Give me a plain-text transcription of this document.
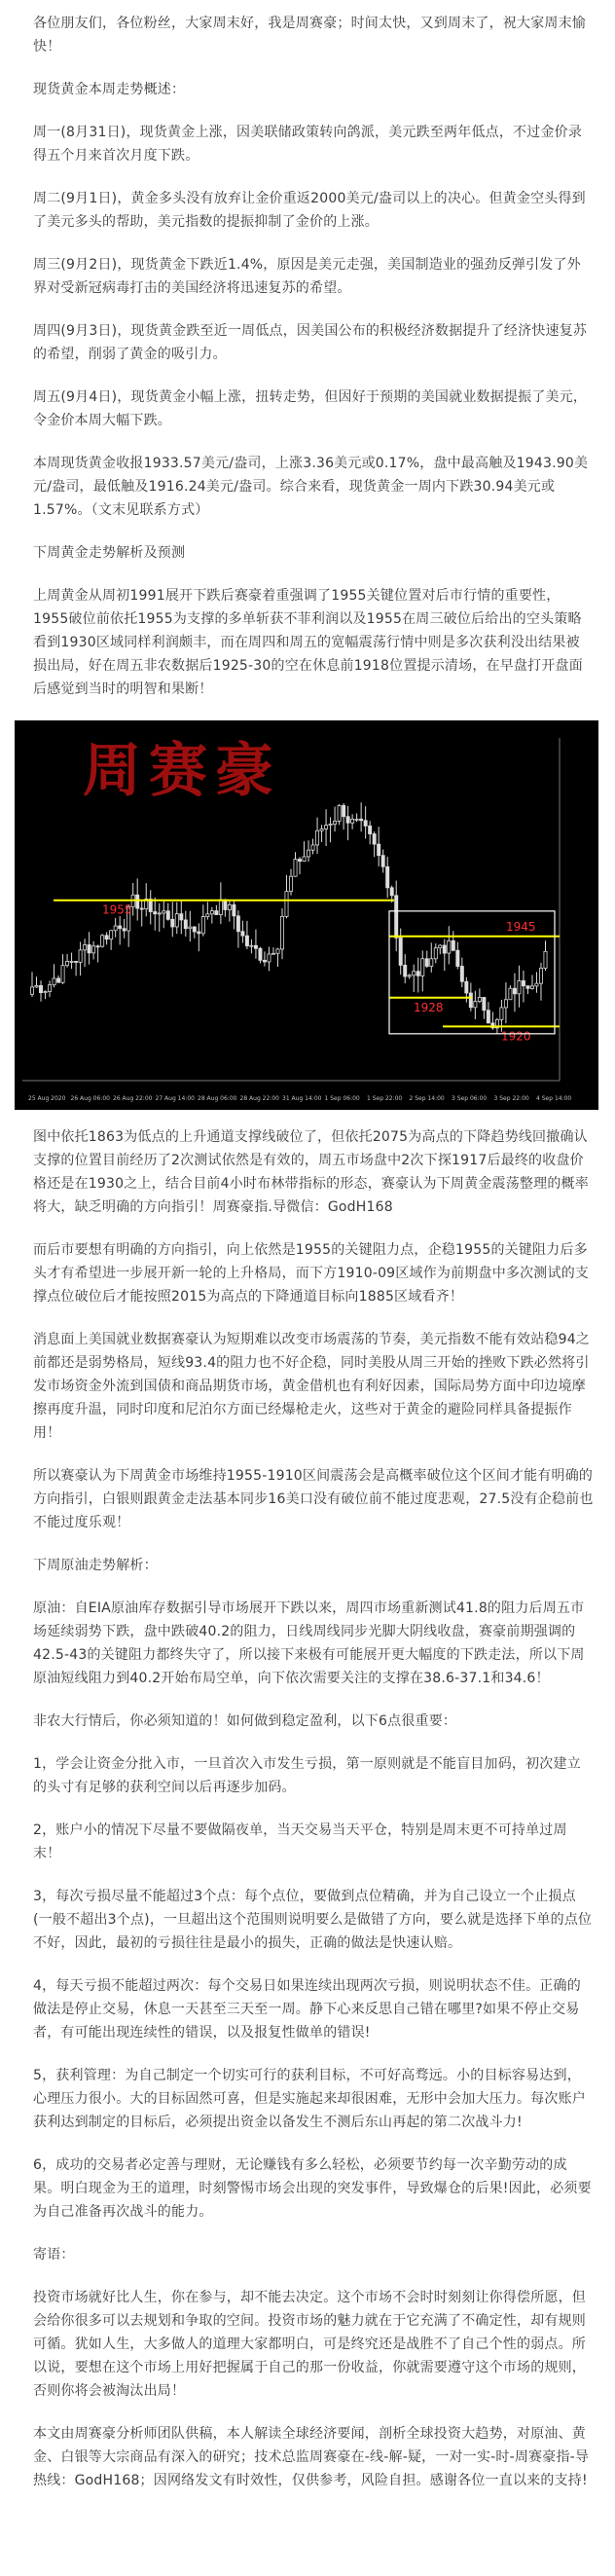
各位朋友们，各位粉丝，大家周末好，我是周赛豪；时间太快，又到周末了，祝大家周末愉快！

现货黄金本周走势概述：

周一(8月31日)，现货黄金上涨，因美联储政策转向鸽派，美元跌至两年低点，不过金价录得五个月来首次月度下跌。

周二(9月1日)，黄金多头没有放弃让金价重返2000美元/盎司以上的决心。但黄金空头得到了美元多头的帮助，美元指数的提振抑制了金价的上涨。

周三(9月2日)，现货黄金下跌近1.4%，原因是美元走强，美国制造业的强劲反弹引发了外界对受新冠病毒打击的美国经济将迅速复苏的希望。

周四(9月3日)，现货黄金跌至近一周低点，因美国公布的积极经济数据提升了经济快速复苏的希望，削弱了黄金的吸引力。

周五(9月4日)，现货黄金小幅上涨，扭转走势，但因好于预期的美国就业数据提振了美元，令金价本周大幅下跌。

本周现货黄金收报1933.57美元/盎司，上涨3.36美元或0.17%，盘中最高触及1943.90美元/盎司，最低触及1916.24美元/盎司。综合来看，现货黄金一周内下跌30.94美元或1.57%。（文末见联系方式）

下周黄金走势解析及预测

上周黄金从周初1991展开下跌后赛豪着重强调了1955关键位置对后市行情的重要性，1955破位前依托1955为支撑的多单斩获不菲利润以及1955在周三破位后给出的空头策略看到1930区域同样利润颇丰，而在周四和周五的宽幅震荡行情中则是多次获利没出结果被损出局，好在周五非农数据后1925-30的空在休息前1918位置提示清场，在早盘打开盘面后感觉到当时的明智和果断！

1955
1945
1928
1920
25 Aug 2020 26 Aug 06:00 26 Aug 22:00 27 Aug 14:00 28 Aug 06:00 28 Aug 22:00 31 Aug 14:00 1 Sep 06:00 1 Sep 22:00 2 Sep 14:00 3 Sep 06:00 3 Sep 22:00 4 Sep 14:00
周赛豪

图中依托1863为低点的上升通道支撑线破位了，但依托2075为高点的下降趋势线回撤确认支撑的位置目前经历了2次测试依然是有效的，周五市场盘中2次下探1917后最终的收盘价格还是在1930之上，结合目前4小时布林带指标的形态，赛豪认为下周黄金震荡整理的概率将大，缺乏明确的方向指引！周赛豪指.导微信：GodH168

而后市要想有明确的方向指引，向上依然是1955的关键阻力点，企稳1955的关键阻力后多头才有希望进一步展开新一轮的上升格局，而下方1910-09区域作为前期盘中多次测试的支撑点位破位后才能按照2015为高点的下降通道目标向1885区域看齐！

消息面上美国就业数据赛豪认为短期难以改变市场震荡的节奏，美元指数不能有效站稳94之前都还是弱势格局，短线93.4的阻力也不好企稳，同时美股从周三开始的挫败下跌必然将引发市场资金外流到国债和商品期货市场，黄金借机也有利好因素，国际局势方面中印边境摩擦再度升温，同时印度和尼泊尔方面已经爆枪走火，这些对于黄金的避险同样具备提振作用！

所以赛豪认为下周黄金市场维持1955-1910区间震荡会是高概率破位这个区间才能有明确的方向指引，白银则跟黄金走法基本同步16美口没有破位前不能过度悲观，27.5没有企稳前也不能过度乐观！

下周原油走势解析：

原油：自EIA原油库存数据引导市场展开下跌以来，周四市场重新测试41.8的阻力后周五市场延续弱势下跌，盘中跌破40.2的阻力，日线周线同步光脚大阴线收盘，赛豪前期强调的42.5-43的关键阻力都终失守了，所以接下来极有可能展开更大幅度的下跌走法，所以下周原油短线阻力到40.2开始布局空单，向下依次需要关注的支撑在38.6-37.1和34.6！

非农大行情后，你必须知道的！如何做到稳定盈利，以下6点很重要：

1，学会让资金分批入市，一旦首次入市发生亏损，第一原则就是不能盲目加码，初次建立的头寸有足够的获利空间以后再逐步加码。

2，账户小的情况下尽量不要做隔夜单，当天交易当天平仓，特别是周末更不可持单过周末！

3，每次亏损尽量不能超过3个点：每个点位，要做到点位精确，并为自己设立一个止损点(一般不超出3个点)，一旦超出这个范围则说明要么是做错了方向，要么就是选择下单的点位不好，因此，最初的亏损往往是最小的损失，正确的做法是快速认赔。

4，每天亏损不能超过两次：每个交易日如果连续出现两次亏损，则说明状态不佳。正确的做法是停止交易，休息一天甚至三天至一周。静下心来反思自己错在哪里?如果不停止交易者，有可能出现连续性的错误，以及报复性做单的错误!

5，获利管理：为自己制定一个切实可行的获利目标，不可好高骛远。小的目标容易达到，心理压力很小。大的目标固然可喜，但是实施起来却很困难，无形中会加大压力。每次账户获利达到制定的目标后，必须提出资金以备发生不测后东山再起的第二次战斗力!

6，成功的交易者必定善与理财，无论赚钱有多么轻松，必须要节约每一次辛勤劳动的成果。明白现金为王的道理，时刻警惕市场会出现的突发事件，导致爆仓的后果!因此，必须要为自己准备再次战斗的能力。

寄语：

投资市场就好比人生，你在参与，却不能去决定。这个市场不会时时刻刻让你得偿所愿，但会给你很多可以去规划和争取的空间。投资市场的魅力就在于它充满了不确定性，却有规则可循。犹如人生，大多做人的道理大家都明白，可是终究还是战胜不了自己个性的弱点。所以说，要想在这个市场上用好把握属于自己的那一份收益，你就需要遵守这个市场的规则，否则你将会被淘汰出局！

本文由周赛豪分析师团队供稿，本人解读全球经济要闻，剖析全球投资大趋势，对原油、黄金、白银等大宗商品有深入的研究；技术总监周赛豪在-线-解-疑，一对一实-时-周赛豪指-导热线：GodH168；因网络发文有时效性，仅供参考，风险自担。感谢各位一直以来的支持!
